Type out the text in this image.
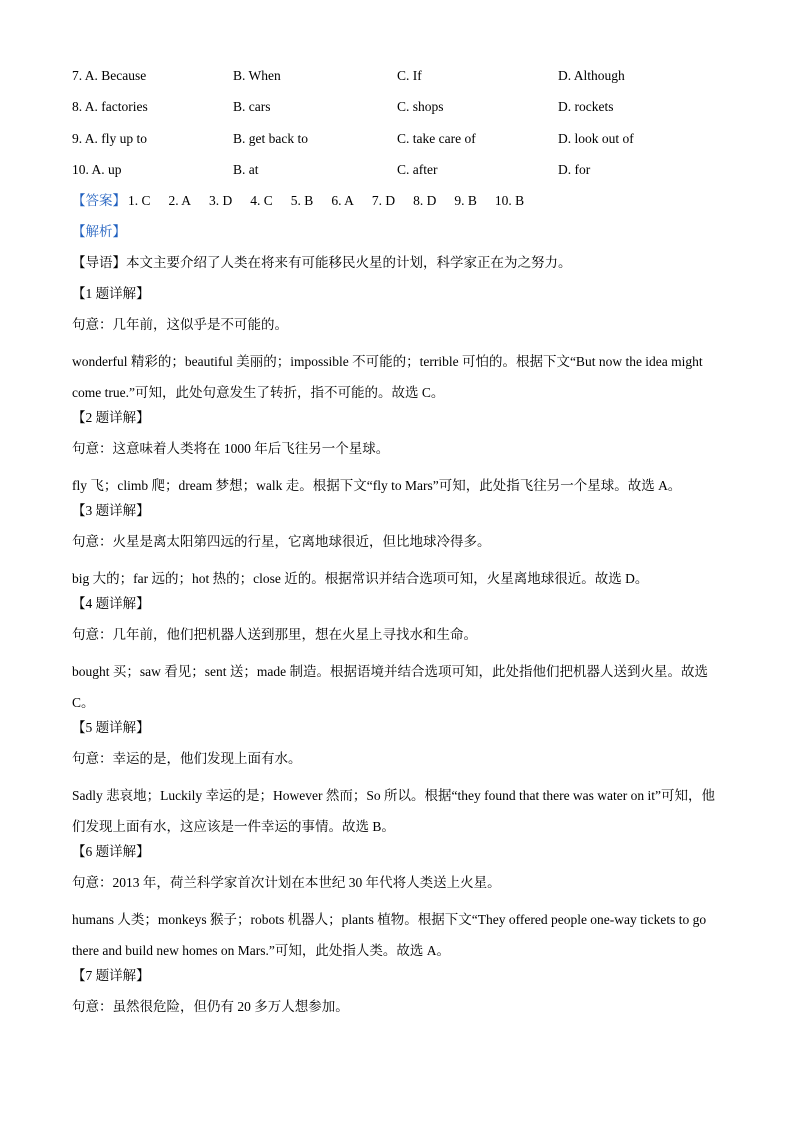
7. A. Because	B. When	C. If	D. Although
8. A. factories	B. cars	C. shops	D. rockets
9. A. fly up to	B. get back to	C. take care of	D. look out of
10. A. up	B. at	C. after	D. for
【答案】 1. C 2. A 3. D 4. C 5. B 6. A 7. D 8. D 9. B 10. B
【解析】
【导语】本文主要介绍了人类在将来有可能移民火星的计划，科学家正在为之努力。
【1 题详解】
句意：几年前，这似乎是不可能的。
wonderful 精彩的；beautiful 美丽的；impossible 不可能的；terrible 可怕的。根据下文“But now the idea might come true.”可知，此处句意发生了转折，指不可能的。故选 C。
【2 题详解】
句意：这意味着人类将在 1000 年后飞往另一个星球。
fly 飞；climb 爬；dream 梦想；walk 走。根据下文“fly to Mars”可知，此处指飞往另一个星球。故选 A。
【3 题详解】
句意：火星是离太阳第四远的行星，它离地球很近，但比地球冷得多。
big 大的；far 远的；hot 热的；close 近的。根据常识并结合选项可知，火星离地球很近。故选 D。
【4 题详解】
句意：几年前，他们把机器人送到那里，想在火星上寻找水和生命。
bought 买；saw 看见；sent 送；made 制造。根据语境并结合选项可知，此处指他们把机器人送到火星。故选 C。
【5 题详解】
句意：幸运的是，他们发现上面有水。
Sadly 悲哀地；Luckily 幸运的是；However 然而；So 所以。根据“they found that there was water on it”可知，他们发现上面有水，这应该是一件幸运的事情。故选 B。
【6 题详解】
句意：2013 年，荷兰科学家首次计划在本世纪 30 年代将人类送上火星。
humans 人类；monkeys 猴子；robots 机器人；plants 植物。根据下文“They offered people one-way tickets to go there and build new homes on Mars.”可知，此处指人类。故选 A。
【7 题详解】
句意：虽然很危险，但仍有 20 多万人想参加。
